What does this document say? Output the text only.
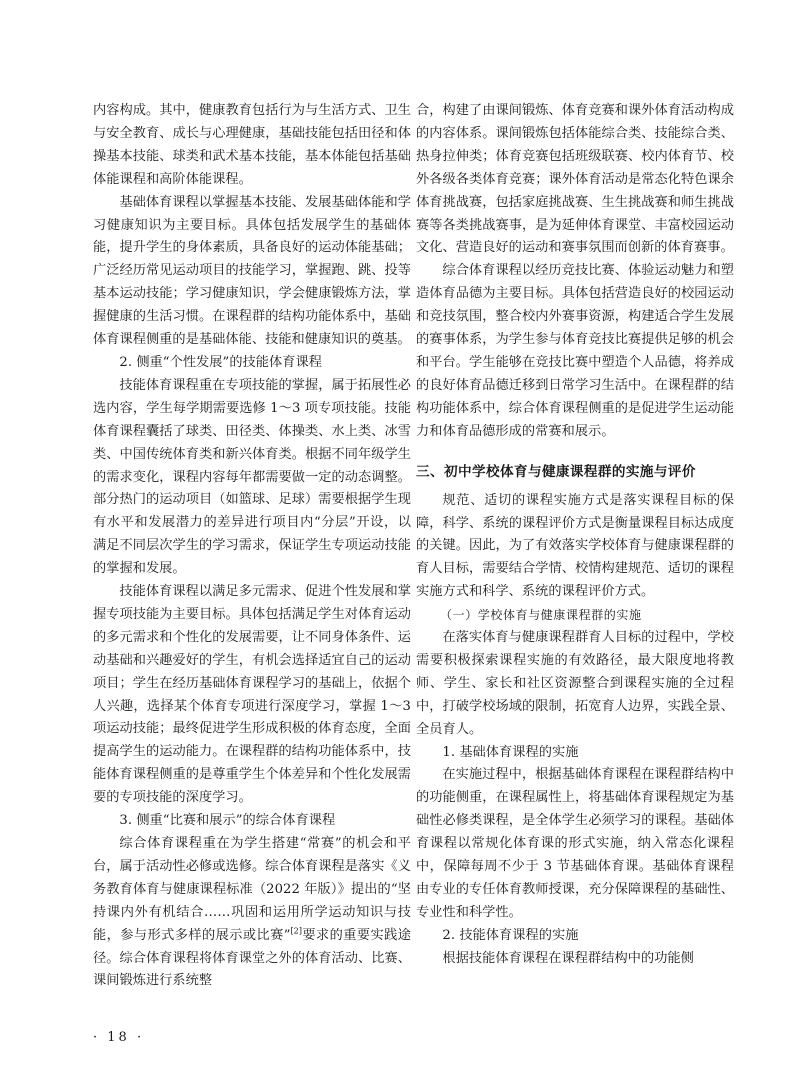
内容构成。其中，健康教育包括行为与生活方式、卫生与安全教育、成长与心理健康，基础技能包括田径和体操基本技能、球类和武术基本技能，基本体能包括基础体能课程和高阶体能课程。

基础体育课程以掌握基本技能、发展基础体能和学习健康知识为主要目标。具体包括发展学生的基础体能，提升学生的身体素质，具备良好的运动体能基础；广泛经历常见运动项目的技能学习，掌握跑、跳、投等基本运动技能；学习健康知识，学会健康锻炼方法，掌握健康的生活习惯。在课程群的结构功能体系中，基础体育课程侧重的是基础体能、技能和健康知识的奠基。

2. 侧重“个性发展”的技能体育课程

技能体育课程重在专项技能的掌握，属于拓展性必选内容，学生每学期需要选修 1～3 项专项技能。技能体育课程囊括了球类、田径类、体操类、水上类、冰雪类、中国传统体育类和新兴体育类。根据不同年级学生的需求变化，课程内容每年都需要做一定的动态调整。部分热门的运动项目（如篮球、足球）需要根据学生现有水平和发展潜力的差异进行项目内“分层”开设，以满足不同层次学生的学习需求，保证学生专项运动技能的掌握和发展。

技能体育课程以满足多元需求、促进个性发展和掌握专项技能为主要目标。具体包括满足学生对体育运动的多元需求和个性化的发展需要，让不同身体条件、运动基础和兴趣爱好的学生，有机会选择适宜自己的运动项目；学生在经历基础体育课程学习的基础上，依据个人兴趣，选择某个体育专项进行深度学习，掌握 1～3 项运动技能；最终促进学生形成积极的体育态度，全面提高学生的运动能力。在课程群的结构功能体系中，技能体育课程侧重的是尊重学生个体差异和个性化发展需要的专项技能的深度学习。

3. 侧重“比赛和展示”的综合体育课程

综合体育课程重在为学生搭建“常赛”的机会和平台，属于活动性必修或选修。综合体育课程是落实《义务教育体育与健康课程标准（2022 年版）》提出的“坚持课内外有机结合……巩固和运用所学运动知识与技能，参与形式多样的展示或比赛”[2]要求的重要实践途径。综合体育课程将体育课堂之外的体育活动、比赛、课间锻炼进行系统整

合，构建了由课间锻炼、体育竞赛和课外体育活动构成的内容体系。课间锻炼包括体能综合类、技能综合类、热身拉伸类；体育竞赛包括班级联赛、校内体育节、校外各级各类体育竞赛；课外体育活动是常态化特色课余体育挑战赛，包括家庭挑战赛、生生挑战赛和师生挑战赛等各类挑战赛事，是为延伸体育课堂、丰富校园运动文化、营造良好的运动和赛事氛围而创新的体育赛事。

综合体育课程以经历竞技比赛、体验运动魅力和塑造体育品德为主要目标。具体包括营造良好的校园运动和竞技氛围，整合校内外赛事资源，构建适合学生发展的赛事体系，为学生参与体育竞技比赛提供足够的机会和平台。学生能够在竞技比赛中塑造个人品德，将养成的良好体育品德迁移到日常学习生活中。在课程群的结构功能体系中，综合体育课程侧重的是促进学生运动能力和体育品德形成的常赛和展示。

三、初中学校体育与健康课程群的实施与评价

规范、适切的课程实施方式是落实课程目标的保障，科学、系统的课程评价方式是衡量课程目标达成度的关键。因此，为了有效落实学校体育与健康课程群的育人目标，需要结合学情、校情构建规范、适切的课程实施方式和科学、系统的课程评价方式。

（一）学校体育与健康课程群的实施

在落实体育与健康课程群育人目标的过程中，学校需要积极探索课程实施的有效路径，最大限度地将教师、学生、家长和社区资源整合到课程实施的全过程中，打破学校场域的限制，拓宽育人边界，实践全景、全员育人。

1. 基础体育课程的实施

在实施过程中，根据基础体育课程在课程群结构中的功能侧重，在课程属性上，将基础体育课程规定为基础性必修类课程，是全体学生必须学习的课程。基础体育课程以常规化体育课的形式实施，纳入常态化课程中，保障每周不少于 3 节基础体育课。基础体育课程由专业的专任体育教师授课，充分保障课程的基础性、专业性和科学性。

2. 技能体育课程的实施

根据技能体育课程在课程群结构中的功能侧

· 18 ·
